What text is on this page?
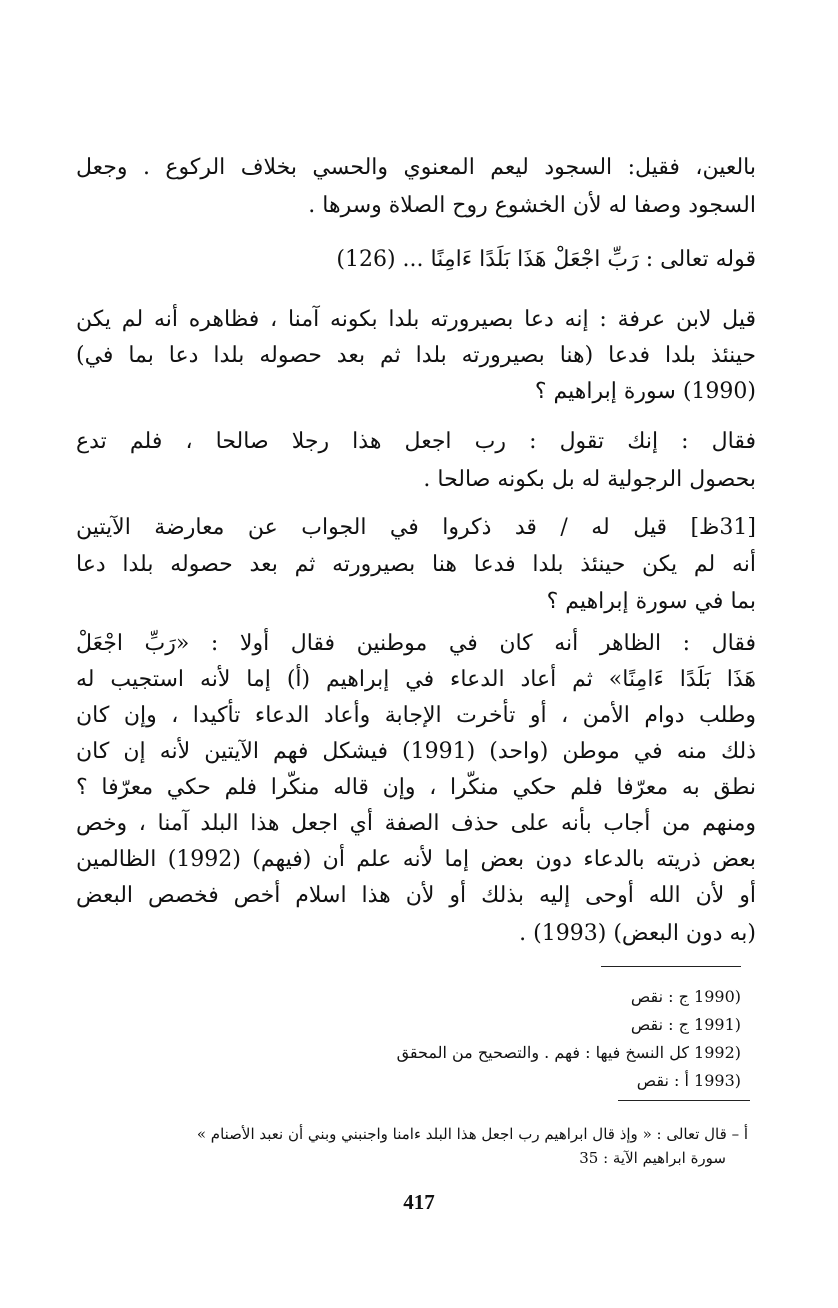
بالعين، فقيل: السجود ليعم المعنوي والحسي بخلاف الركوع . وجعل
السجود وصفا له لأن الخشوع روح الصلاة وسرها .
قوله تعالى : رَبِّ اجْعَلْ هَذَا بَلَدًا ءَامِنًا ... (126)
قيل لابن عرفة : إنه دعا بصيرورته بلدا بكونه آمنا ، فظاهره أنه لم يكن
حينئذ بلدا فدعا (هنا بصيرورته بلدا ثم بعد حصوله بلدا دعا بما في)
(1990) سورة إبراهيم ؟
فقال : إنك تقول : رب اجعل هذا رجلا صالحا ، فلم تدع
بحصول الرجولية له بل بكونه صالحا .
[31ظ] قيل له / قد ذكروا في الجواب عن معارضة الآيتين
أنه لم يكن حينئذ بلدا فدعا هنا بصيرورته ثم بعد حصوله بلدا دعا
بما في سورة إبراهيم ؟
فقال : الظاهر أنه كان في موطنين فقال أولا : «رَبِّ اجْعَلْ
هَذَا بَلَدًا ءَامِنًا» ثم أعاد الدعاء في إبراهيم (أ) إما لأنه استجيب له
وطلب دوام الأمن ، أو تأخرت الإجابة وأعاد الدعاء تأكيدا ، وإن كان
ذلك منه في موطن (واحد) (1991) فيشكل فهم الآيتين لأنه إن كان
نطق به معرّفا فلم حكي منكّرا ، وإن قاله منكّرا فلم حكي معرّفا ؟
ومنهم من أجاب بأنه على حذف الصفة أي اجعل هذا البلد آمنا ، وخص
بعض ذريته بالدعاء دون بعض إما لأنه علم أن (فيهم) (1992) الظالمين
أو لأن الله أوحى إليه بذلك أو لأن هذا اسلام أخص فخصص البعض
(به دون البعض) (1993) .
(1990 ج : نقص
(1991 ج : نقص
(1992 كل النسخ فيها : فهم . والتصحيح من المحقق
(1993 أ : نقص
أ – قال تعالى : « وإذ قال ابراهيم رب اجعل هذا البلد ءامنا واجنبني وبني أن نعبد الأصنام »
سورة ابراهيم الآية : 35
417
